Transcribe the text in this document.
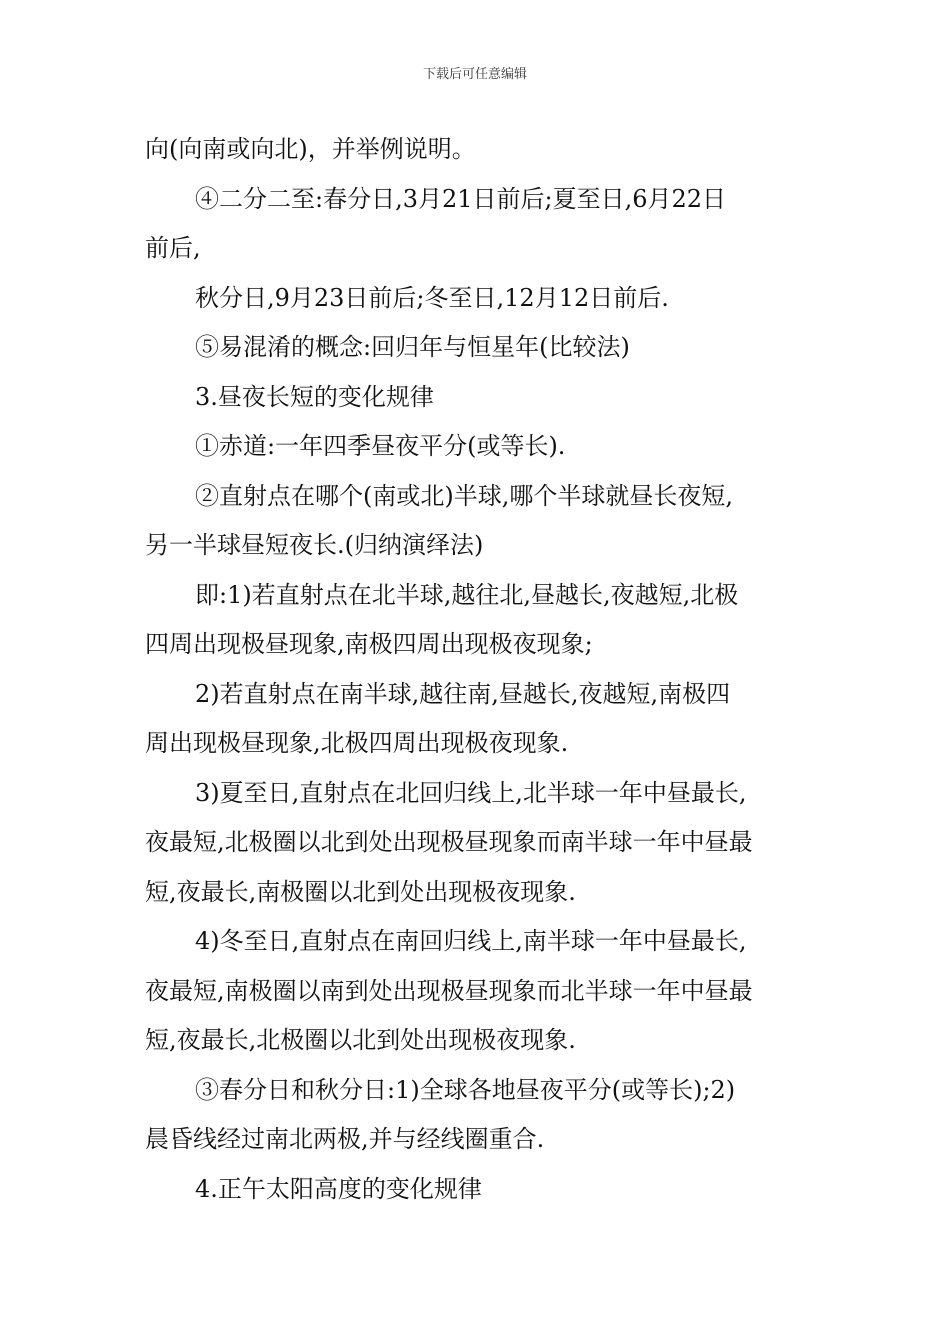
下载后可任意编辑
向(向南或向北)，并举例说明。
④二分二至:春分日,3月21日前后;夏至日,6月22日
前后,
秋分日,9月23日前后;冬至日,12月12日前后.
⑤易混淆的概念:回归年与恒星年(比较法)
3.昼夜长短的变化规律
①赤道:一年四季昼夜平分(或等长).
②直射点在哪个(南或北)半球,哪个半球就昼长夜短,
另一半球昼短夜长.(归纳演绎法)
即:1)若直射点在北半球,越往北,昼越长,夜越短,北极
四周出现极昼现象,南极四周出现极夜现象;
2)若直射点在南半球,越往南,昼越长,夜越短,南极四
周出现极昼现象,北极四周出现极夜现象.
3)夏至日,直射点在北回归线上,北半球一年中昼最长,
夜最短,北极圈以北到处出现极昼现象而南半球一年中昼最
短,夜最长,南极圈以北到处出现极夜现象.
4)冬至日,直射点在南回归线上,南半球一年中昼最长,
夜最短,南极圈以南到处出现极昼现象而北半球一年中昼最
短,夜最长,北极圈以北到处出现极夜现象.
③春分日和秋分日:1)全球各地昼夜平分(或等长);2)
晨昏线经过南北两极,并与经线圈重合.
4.正午太阳高度的变化规律
